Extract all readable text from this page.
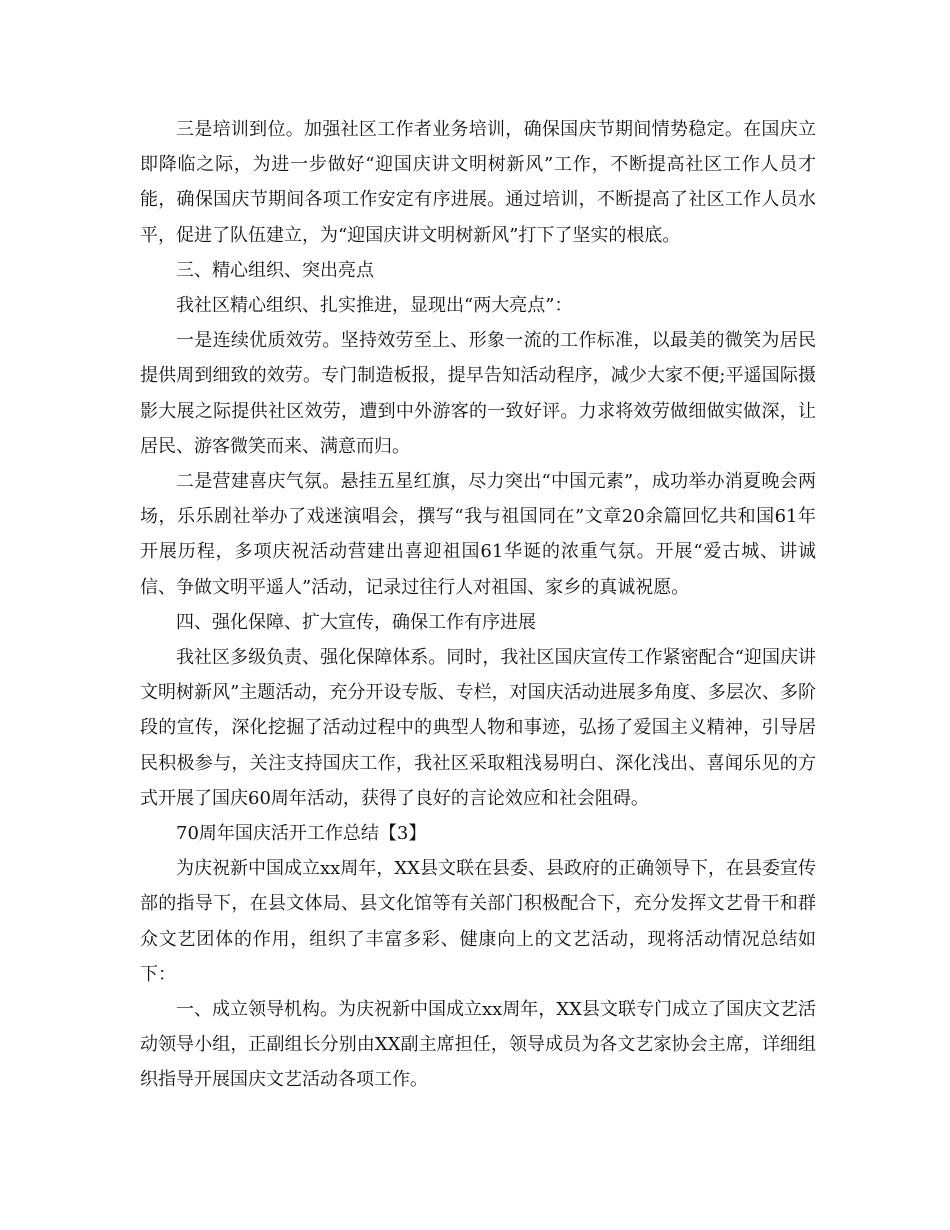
三是培训到位。加强社区工作者业务培训，确保国庆节期间情势稳定。在国庆立即降临之际，为进一步做好“迎国庆讲文明树新风”工作，不断提高社区工作人员才能，确保国庆节期间各项工作安定有序进展。通过培训，不断提高了社区工作人员水平，促进了队伍建立，为“迎国庆讲文明树新风”打下了坚实的根底。

三、精心组织、突出亮点

我社区精心组织、扎实推进，显现出“两大亮点”：

一是连续优质效劳。坚持效劳至上、形象一流的工作标准，以最美的微笑为居民提供周到细致的效劳。专门制造板报，提早告知活动程序，减少大家不便;平遥国际摄影大展之际提供社区效劳，遭到中外游客的一致好评。力求将效劳做细做实做深，让居民、游客微笑而来、满意而归。

二是营建喜庆气氛。悬挂五星红旗，尽力突出“中国元素”，成功举办消夏晚会两场，乐乐剧社举办了戏迷演唱会，撰写“我与祖国同在”文章20余篇回忆共和国61年开展历程，多项庆祝活动营建出喜迎祖国61华诞的浓重气氛。开展“爱古城、讲诚信、争做文明平遥人”活动，记录过往行人对祖国、家乡的真诚祝愿。

四、强化保障、扩大宣传，确保工作有序进展

我社区多级负责、强化保障体系。同时，我社区国庆宣传工作紧密配合“迎国庆讲文明树新风”主题活动，充分开设专版、专栏，对国庆活动进展多角度、多层次、多阶段的宣传，深化挖掘了活动过程中的典型人物和事迹，弘扬了爱国主义精神，引导居民积极参与，关注支持国庆工作，我社区采取粗浅易明白、深化浅出、喜闻乐见的方式开展了国庆60周年活动，获得了良好的言论效应和社会阻碍。

70周年国庆活开工作总结【3】

为庆祝新中国成立xx周年，XX县文联在县委、县政府的正确领导下，在县委宣传部的指导下，在县文体局、县文化馆等有关部门积极配合下，充分发挥文艺骨干和群众文艺团体的作用，组织了丰富多彩、健康向上的文艺活动，现将活动情况总结如下：

一、成立领导机构。为庆祝新中国成立xx周年，XX县文联专门成立了国庆文艺活动领导小组，正副组长分别由XX副主席担任，领导成员为各文艺家协会主席，详细组织指导开展国庆文艺活动各项工作。
